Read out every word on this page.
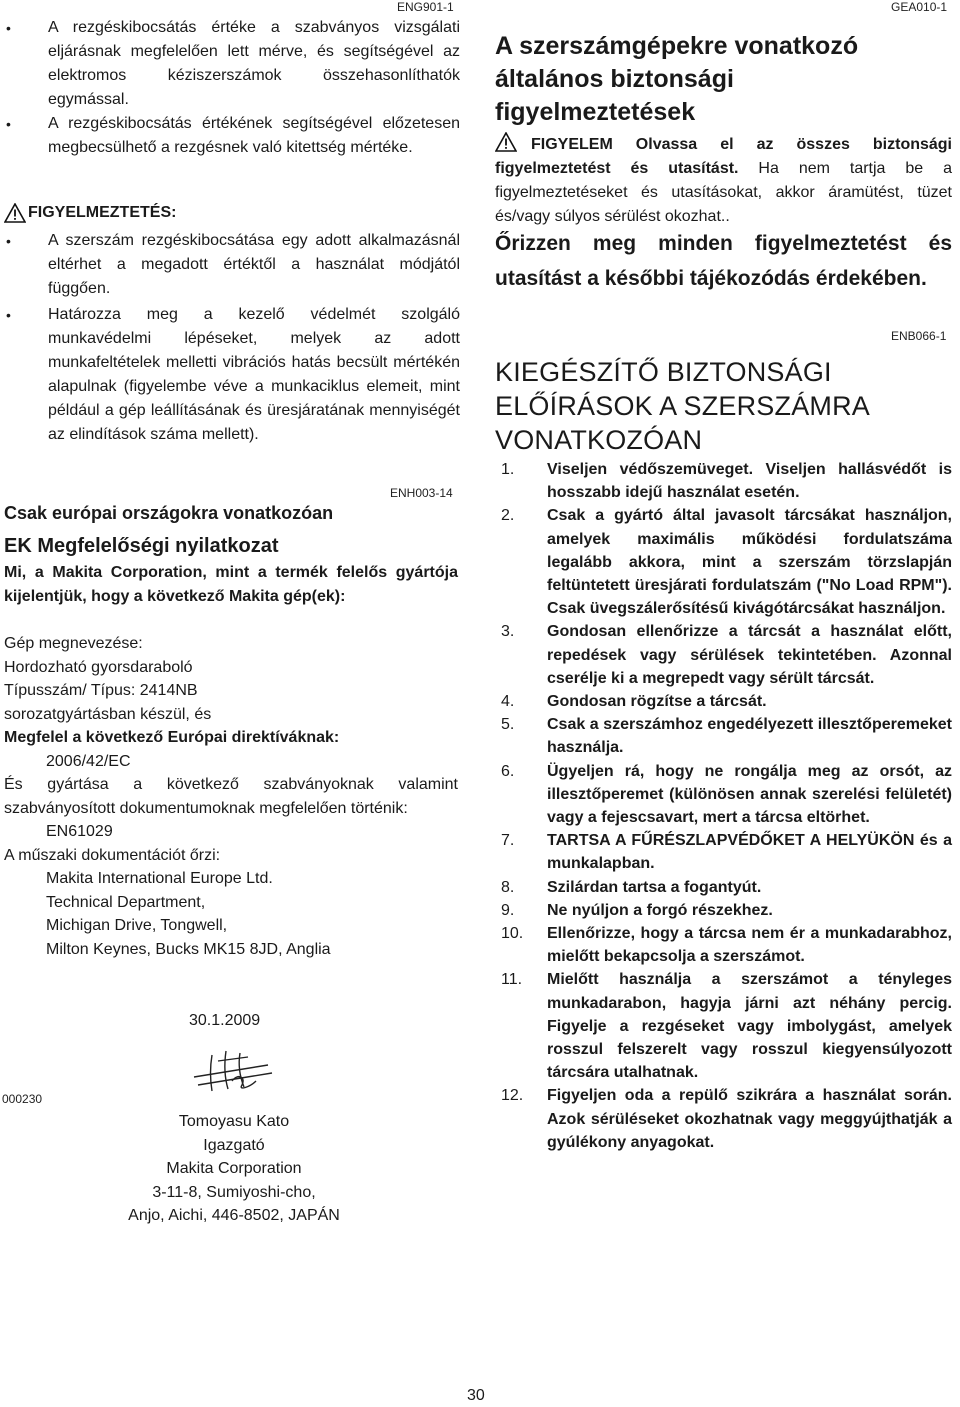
ENG901-1	GEA010-1
• A rezgéskibocsátás értéke a szabványos vizsgálati eljárásnak megfelelően lett mérve, és segítségével az elektromos kéziszerszámok összehasonlíthatók egymással.
• A rezgéskibocsátás értékének segítségével előzetesen megbecsülhető a rezgésnek való kitettség mértéke.
FIGYELMEZTETÉS:
• A szerszám rezgéskibocsátása egy adott alkalmazásnál eltérhet a megadott értéktől a használat módjától függően.
• Határozza meg a kezelő védelmét szolgáló munkavédelmi lépéseket, melyek az adott munkafeltételek melletti vibrációs hatás becsült mértékén alapulnak (figyelembe véve a munkaciklus elemeit, mint például a gép leállításának és üresjáratának mennyiségét az elindítások száma mellett).
ENH003-14
Csak európai országokra vonatkozóan
EK Megfelelőségi nyilatkozat
Mi, a Makita Corporation, mint a termék felelős gyártója kijelentjük, hogy a következő Makita gép(ek):
Gép megnevezése:
Hordozható gyorsdaraboló
Típusszám/ Típus: 2414NB
sorozatgyártásban készül, és
Megfelel a következő Európai direktíváknak:
2006/42/EC
És gyártása a következő szabványoknak valamint szabványosított dokumentumoknak megfelelően történik:
EN61029
A műszaki dokumentációt őrzi:
Makita International Europe Ltd.
Technical Department,
Michigan Drive, Tongwell,
Milton Keynes, Bucks MK15 8JD, Anglia
30.1.2009
000230
Tomoyasu Kato
Igazgató
Makita Corporation
3-11-8, Sumiyoshi-cho,
Anjo, Aichi, 446-8502, JAPÁN
A szerszámgépekre vonatkozó általános biztonsági figyelmeztetések
FIGYELEM Olvassa el az összes biztonsági figyelmeztetést és utasítást. Ha nem tartja be a figyelmeztetéseket és utasításokat, akkor áramütést, tüzet és/vagy súlyos sérülést okozhat..
Őrizzen meg minden figyelmeztetést és utasítást a későbbi tájékozódás érdekében.
ENB066-1
KIEGÉSZÍTŐ BIZTONSÁGI ELŐÍRÁSOK A SZERSZÁMRA VONATKOZÓAN
1. Viseljen védőszemüveget. Viseljen hallásvédőt is hosszabb idejű használat esetén.
2. Csak a gyártó által javasolt tárcsákat használjon, amelyek maximális működési fordulatszáma legalább akkora, mint a szerszám törzslapján feltüntetett üresjárati fordulatszám ("No Load RPM"). Csak üvegszálerősítésű kivágótárcsákat használjon.
3. Gondosan ellenőrizze a tárcsát a használat előtt, repedések vagy sérülések tekintetében. Azonnal cserélje ki a megrepedt vagy sérült tárcsát.
4. Gondosan rögzítse a tárcsát.
5. Csak a szerszámhoz engedélyezett illesztőperemeket használja.
6. Ügyeljen rá, hogy ne rongálja meg az orsót, az illesztőperemet (különösen annak szerelési felületét) vagy a fejescsavart, mert a tárcsa eltörhet.
7. TARTSA A FŰRÉSZLAPVÉDŐKET A HELYÜKÖN és a munkalapban.
8. Szilárdan tartsa a fogantyút.
9. Ne nyúljon a forgó részekhez.
10. Ellenőrizze, hogy a tárcsa nem ér a munkadarabhoz, mielőtt bekapcsolja a szerszámot.
11. Mielőtt használja a szerszámot a tényleges munkadarabon, hagyja járni azt néhány percig. Figyelje a rezgéseket vagy imbolygást, amelyek rosszul felszerelt vagy rosszul kiegyensúlyozott tárcsára utalhatnak.
12. Figyeljen oda a repülő szikrára a használat során. Azok sérüléseket okozhatnak vagy meggyújthatják a gyúlékony anyagokat.
30
